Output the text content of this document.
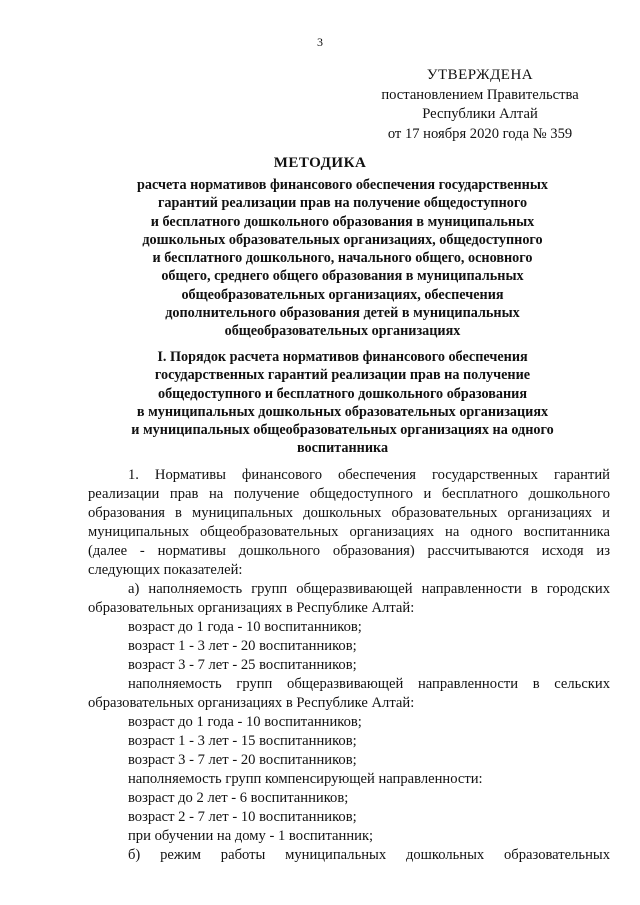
3
УТВЕРЖДЕНА
постановлением Правительства
Республики Алтай
от 17 ноября 2020 года № 359
МЕТОДИКА
расчета нормативов финансового обеспечения государственных
гарантий реализации прав на получение общедоступного
и бесплатного дошкольного образования в муниципальных
дошкольных образовательных организациях, общедоступного
и бесплатного дошкольного, начального общего, основного
общего, среднего общего образования в муниципальных
общеобразовательных организациях, обеспечения
дополнительного образования детей в муниципальных
общеобразовательных организациях
I. Порядок расчета нормативов финансового обеспечения
государственных гарантий реализации прав на получение
общедоступного и бесплатного дошкольного образования
в муниципальных дошкольных образовательных организациях
и муниципальных общеобразовательных организациях на одного
воспитанника

1. Нормативы финансового обеспечения государственных гарантий

реализации прав на получение общедоступного и бесплатного дошкольного

образования в муниципальных дошкольных образовательных организациях и

муниципальных общеобразовательных организациях на одного воспитанника

(далее - нормативы дошкольного образования) рассчитываются исходя из

следующих показателей:

а) наполняемость групп общеразвивающей направленности в городских

образовательных организациях в Республике Алтай:

возраст до 1 года - 10 воспитанников;

возраст 1 - 3 лет - 20 воспитанников;

возраст 3 - 7 лет - 25 воспитанников;

наполняемость групп общеразвивающей направленности в сельских

образовательных организациях в Республике Алтай:

возраст до 1 года - 10 воспитанников;

возраст 1 - 3 лет - 15 воспитанников;

возраст 3 - 7 лет - 20 воспитанников;

наполняемость групп компенсирующей направленности:

возраст до 2 лет - 6 воспитанников;

возраст 2 - 7 лет - 10 воспитанников;

при обучении на дому - 1 воспитанник;

б) режим работы муниципальных дошкольных образовательных
